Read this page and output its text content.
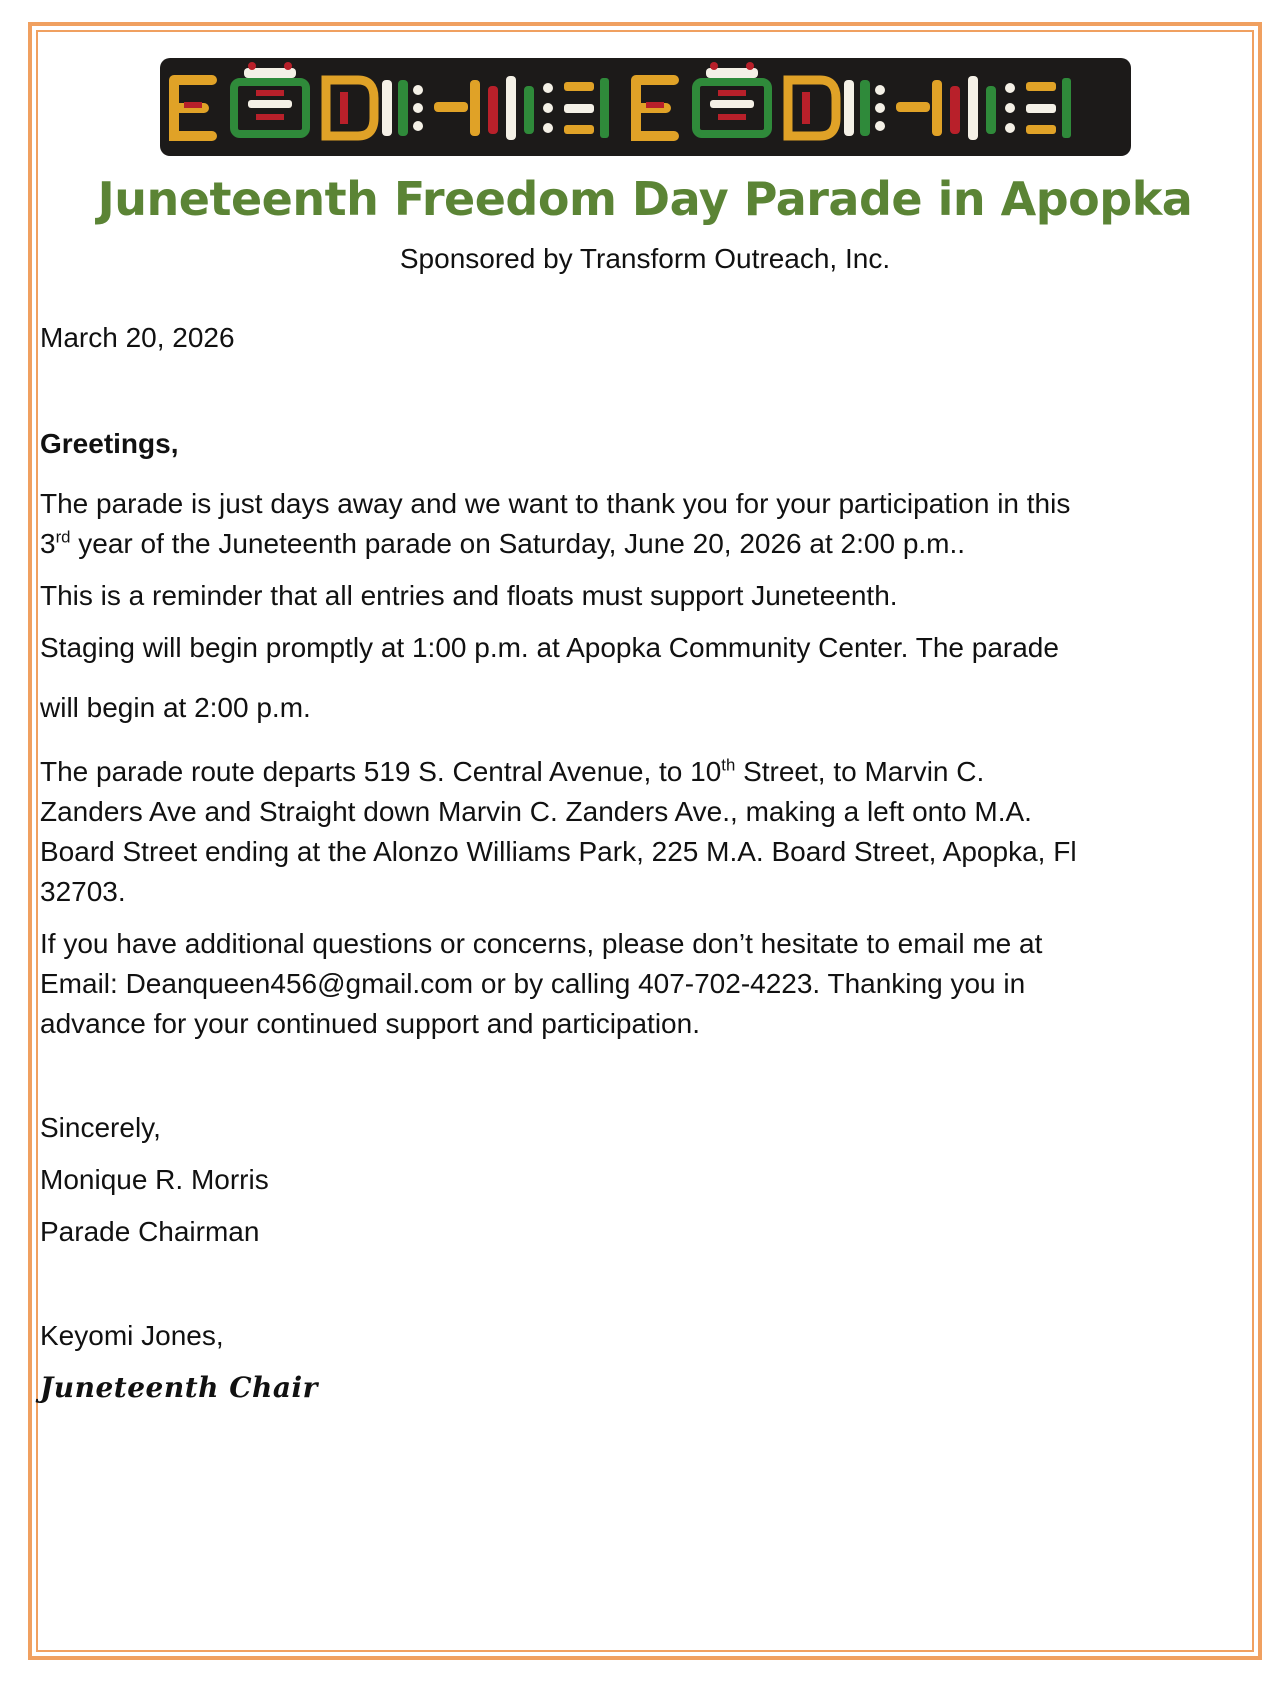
Juneteenth Freedom Day Parade in Apopka
Sponsored by Transform Outreach, Inc.
March 20, 2026
Greetings,
The parade is just days away and we want to thank you for your participation in this
3rd year of the Juneteenth parade on Saturday, June 20, 2026 at 2:00 p.m..
This is a reminder that all entries and floats must support Juneteenth.
Staging will begin promptly at 1:00 p.m. at Apopka Community Center. The parade
will begin at 2:00 p.m.
The parade route departs 519 S. Central Avenue, to 10th Street, to Marvin C.
Zanders Ave and Straight down Marvin C. Zanders Ave., making a left onto M.A.
Board Street ending at the Alonzo Williams Park, 225 M.A. Board Street, Apopka, Fl
32703.
If you have additional questions or concerns, please don’t hesitate to email me at
Email: Deanqueen456@gmail.com or by calling 407-702-4223. Thanking you in
advance for your continued support and participation.
Sincerely,
Monique R. Morris
Parade Chairman
Keyomi Jones,
Juneteenth Chair
